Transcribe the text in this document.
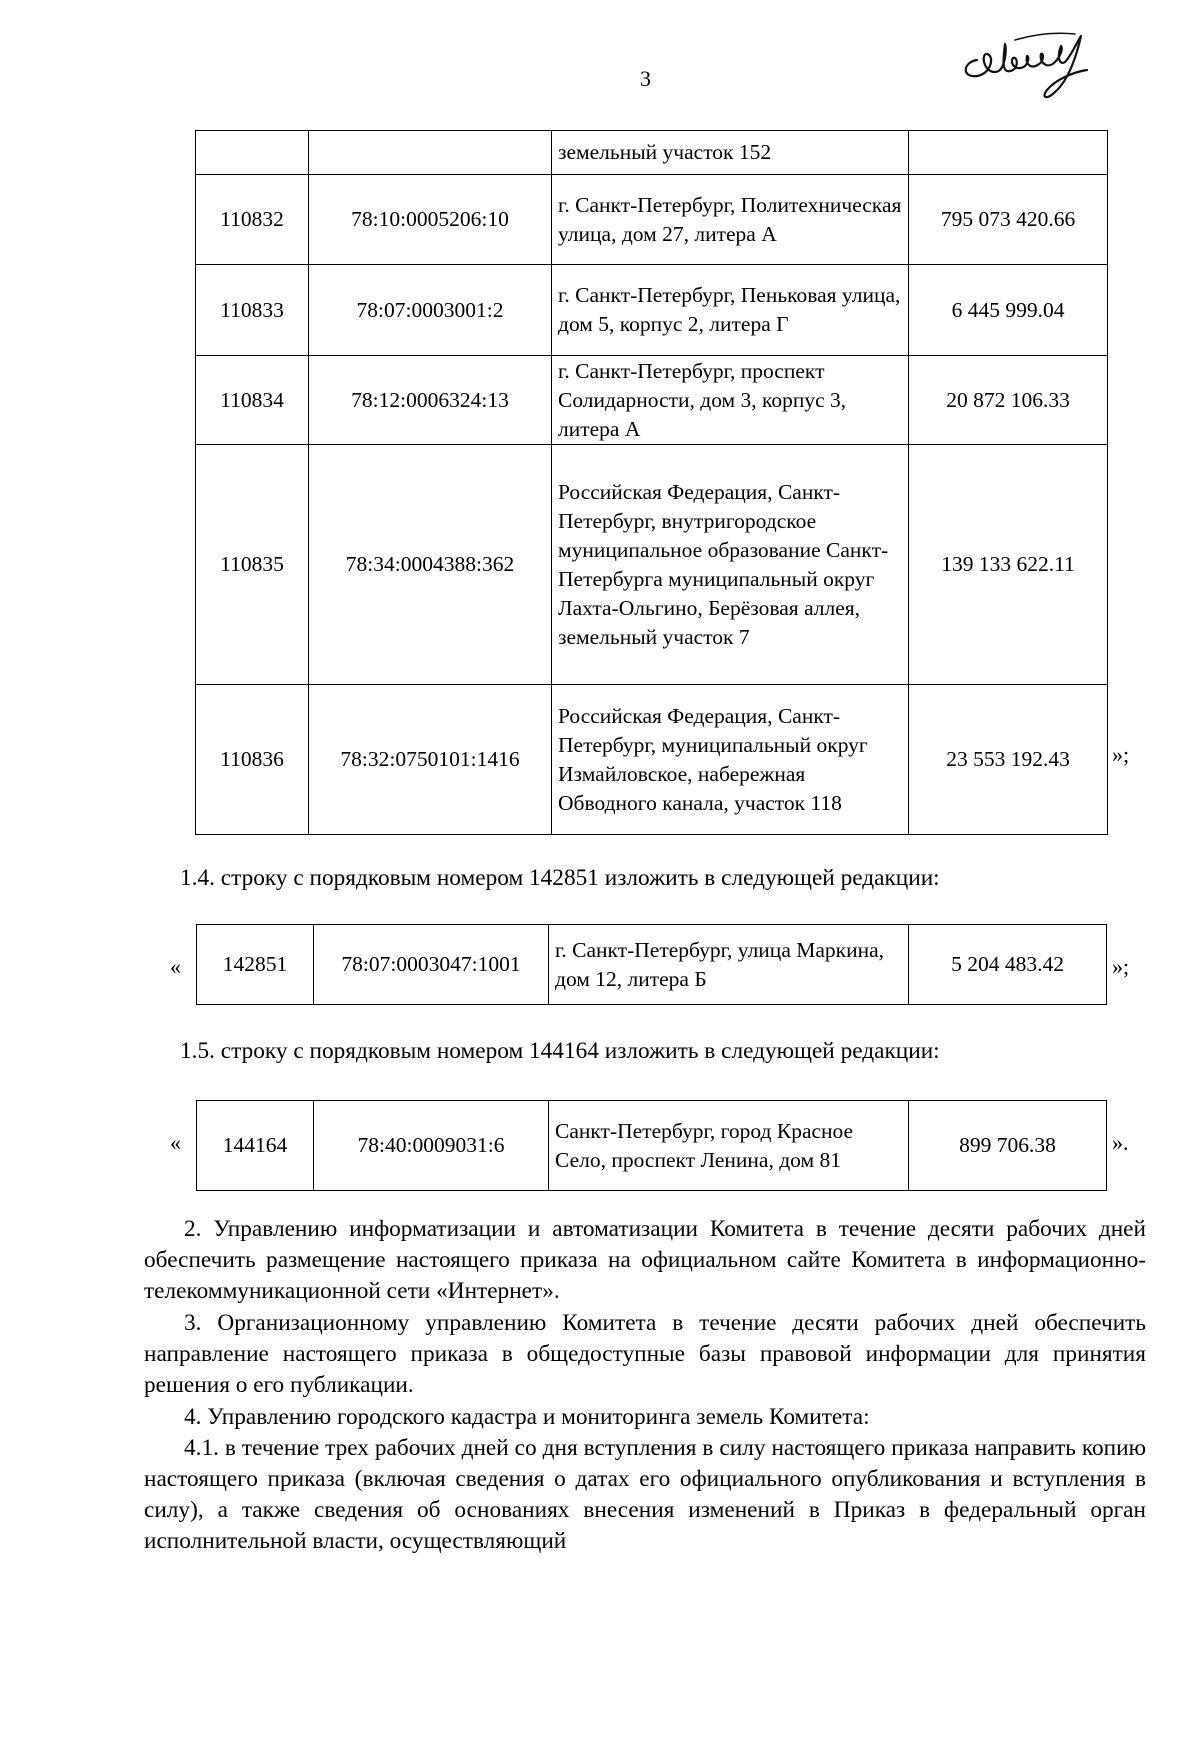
3
		земельный участок 152	
110832	78:10:0005206:10	г. Санкт-Петербург, Политехническая улица, дом 27, литера А	795 073 420.66
110833	78:07:0003001:2	г. Санкт-Петербург, Пеньковая улица, дом 5, корпус 2, литера Г	6 445 999.04
110834	78:12:0006324:13	г. Санкт-Петербург, проспект Солидарности, дом 3, корпус 3, литера А	20 872 106.33
110835	78:34:0004388:362	Российская Федерация, Санкт-Петербург, внутригородское муниципальное образование Санкт-Петербурга муниципальный округ Лахта-Ольгино, Берёзовая аллея, земельный участок 7	139 133 622.11
110836	78:32:0750101:1416	Российская Федерация, Санкт-Петербург, муниципальный округ Измайловское, набережная Обводного канала, участок 118	23 553 192.43 »;
1.4. строку с порядковым номером 142851 изложить в следующей редакции:
« 142851	78:07:0003047:1001	г. Санкт-Петербург, улица Маркина, дом 12, литера Б	5 204 483.42 »;
1.5. строку с порядковым номером 144164 изложить в следующей редакции:
« 144164	78:40:0009031:6	Санкт-Петербург, город Красное Село, проспект Ленина, дом 81	899 706.38	».
2. Управлению информатизации и автоматизации Комитета в течение десяти рабочих дней обеспечить размещение настоящего приказа на официальном сайте Комитета в информационно-телекоммуникационной сети «Интернет».
3. Организационному управлению Комитета в течение десяти рабочих дней обеспечить направление настоящего приказа в общедоступные базы правовой информации для принятия решения о его публикации.
4. Управлению городского кадастра и мониторинга земель Комитета:
4.1. в течение трех рабочих дней со дня вступления в силу настоящего приказа направить копию настоящего приказа (включая сведения о датах его официального опубликования и вступления в силу), а также сведения об основаниях внесения изменений в Приказ в федеральный орган исполнительной власти, осуществляющий
